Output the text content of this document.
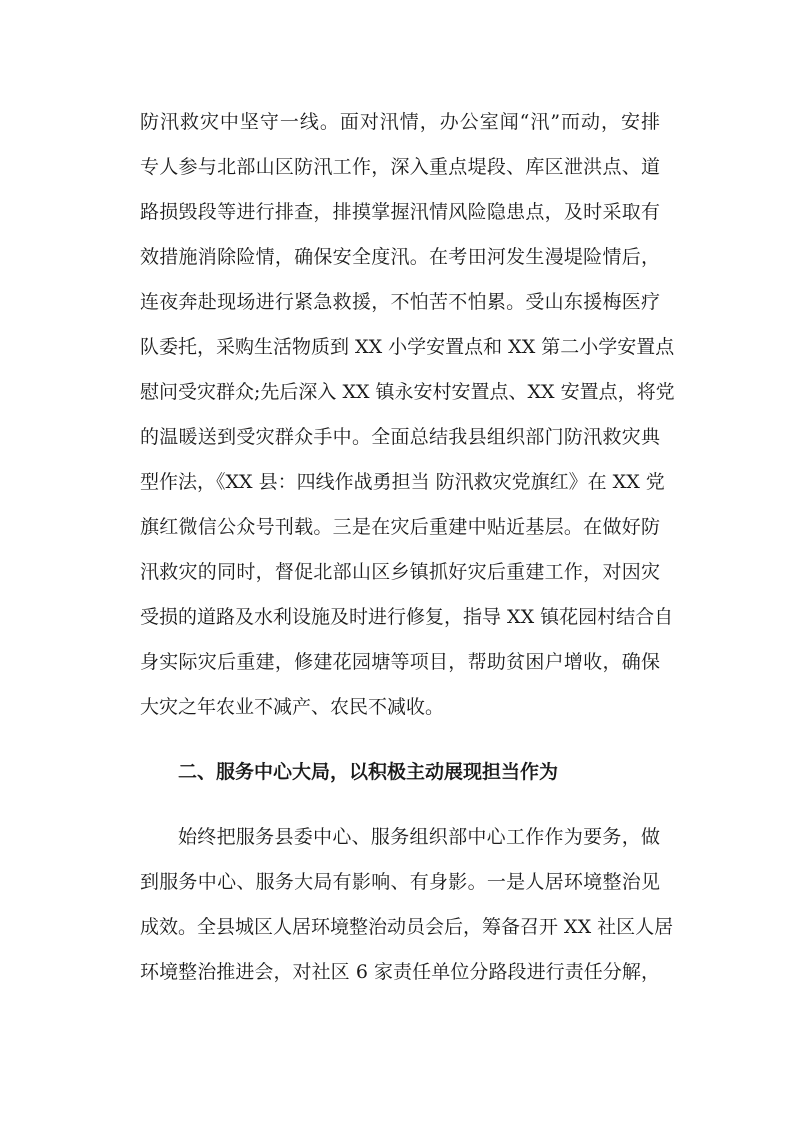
防汛救灾中坚守一线。面对汛情，办公室闻“汛”而动，安排
专人参与北部山区防汛工作，深入重点堤段、库区泄洪点、道
路损毁段等进行排查，排摸掌握汛情风险隐患点，及时采取有
效措施消除险情，确保安全度汛。在考田河发生漫堤险情后，
连夜奔赴现场进行紧急救援，不怕苦不怕累。受山东援梅医疗
队委托，采购生活物质到 XX 小学安置点和 XX 第二小学安置点
慰问受灾群众;先后深入 XX 镇永安村安置点、XX 安置点，将党
的温暖送到受灾群众手中。全面总结我县组织部门防汛救灾典
型作法，《XX 县：四线作战勇担当 防汛救灾党旗红》在 XX 党
旗红微信公众号刊载。三是在灾后重建中贴近基层。在做好防
汛救灾的同时，督促北部山区乡镇抓好灾后重建工作，对因灾
受损的道路及水利设施及时进行修复，指导 XX 镇花园村结合自
身实际灾后重建，修建花园塘等项目，帮助贫困户增收，确保
大灾之年农业不减产、农民不减收。
二、服务中心大局，以积极主动展现担当作为
始终把服务县委中心、服务组织部中心工作作为要务，做
到服务中心、服务大局有影响、有身影。一是人居环境整治见
成效。全县城区人居环境整治动员会后，筹备召开 XX 社区人居
环境整治推进会，对社区 6 家责任单位分路段进行责任分解，
